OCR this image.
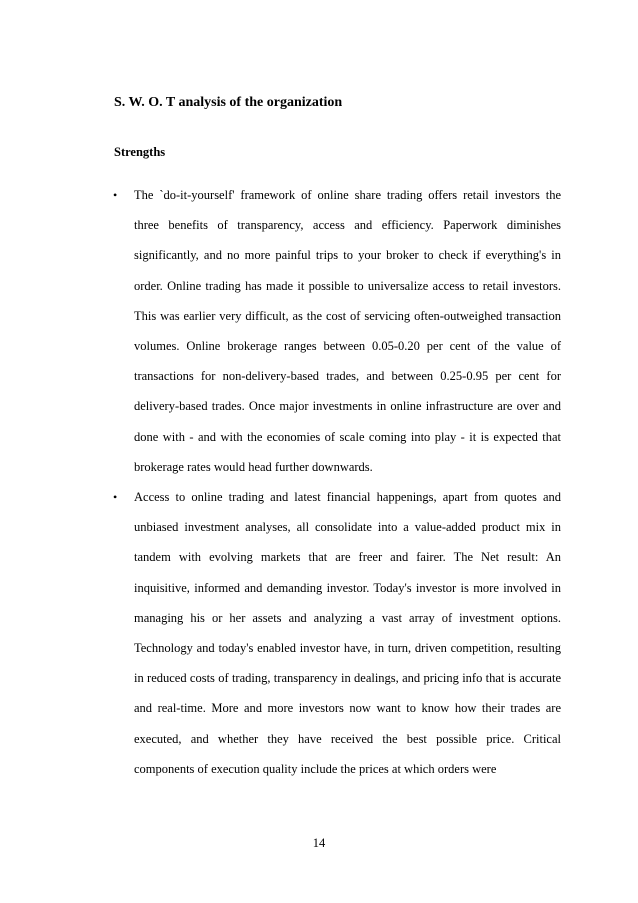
S. W. O. T analysis of the organization
Strengths
•	The `do-it-yourself' framework of online share trading offers retail investors the three benefits of transparency, access and efficiency. Paperwork diminishes significantly, and no more painful trips to your broker to check if everything's in order. Online trading has made it possible to universalize access to retail investors. This was earlier very difficult, as the cost of servicing often-outweighed transaction volumes. Online brokerage ranges between 0.05-0.20 per cent of the value of transactions for non-delivery-based trades, and between 0.25-0.95 per cent for delivery-based trades. Once major investments in online infrastructure are over and done with - and with the economies of scale coming into play - it is expected that brokerage rates would head further downwards.

•	Access to online trading and latest financial happenings, apart from quotes and unbiased investment analyses, all consolidate into a value-added product mix in tandem with evolving markets that are freer and fairer. The Net result: An inquisitive, informed and demanding investor. Today's investor is more involved in managing his or her assets and analyzing a vast array of investment options. Technology and today's enabled investor have, in turn, driven competition, resulting in reduced costs of trading, transparency in dealings, and pricing info that is accurate and real-time. More and more investors now want to know how their trades are executed, and whether they have received the best possible price. Critical components of execution quality include the prices at which orders were

14
